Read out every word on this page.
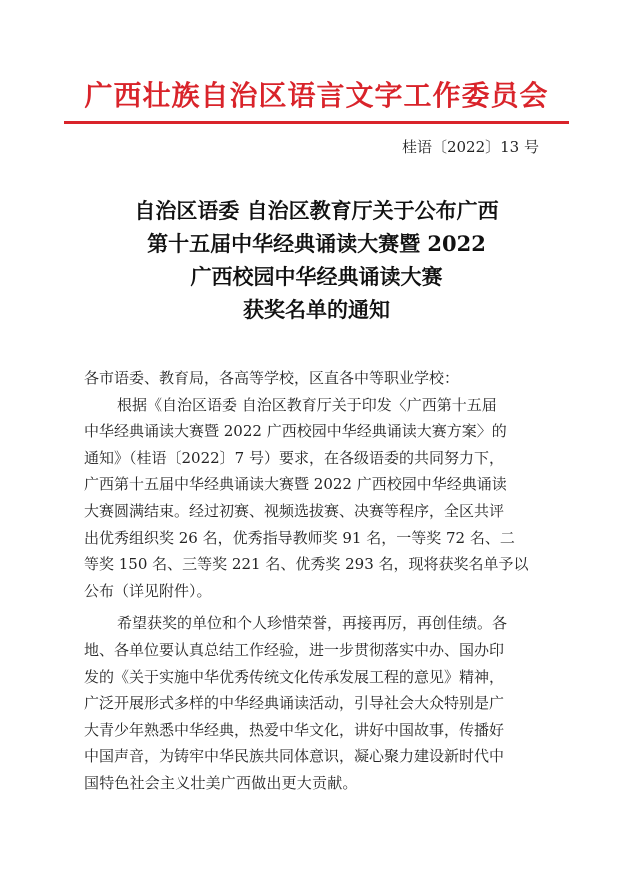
广西壮族自治区语言文字工作委员会
桂语〔2022〕13 号
自治区语委 自治区教育厅关于公布广西
第十五届中华经典诵读大赛暨 2022
广西校园中华经典诵读大赛
获奖名单的通知
各市语委、教育局，各高等学校，区直各中等职业学校：
根据《自治区语委 自治区教育厅关于印发〈广西第十五届
中华经典诵读大赛暨 2022 广西校园中华经典诵读大赛方案〉的
通知》（桂语〔2022〕7 号）要求，在各级语委的共同努力下，
广西第十五届中华经典诵读大赛暨 2022 广西校园中华经典诵读
大赛圆满结束。经过初赛、视频选拔赛、决赛等程序，全区共评
出优秀组织奖 26 名，优秀指导教师奖 91 名，一等奖 72 名、二
等奖 150 名、三等奖 221 名、优秀奖 293 名，现将获奖名单予以
公布（详见附件）。
希望获奖的单位和个人珍惜荣誉，再接再厉，再创佳绩。各
地、各单位要认真总结工作经验，进一步贯彻落实中办、国办印
发的《关于实施中华优秀传统文化传承发展工程的意见》精神，
广泛开展形式多样的中华经典诵读活动，引导社会大众特别是广
大青少年熟悉中华经典，热爱中华文化，讲好中国故事，传播好
中国声音，为铸牢中华民族共同体意识，凝心聚力建设新时代中
国特色社会主义壮美广西做出更大贡献。
